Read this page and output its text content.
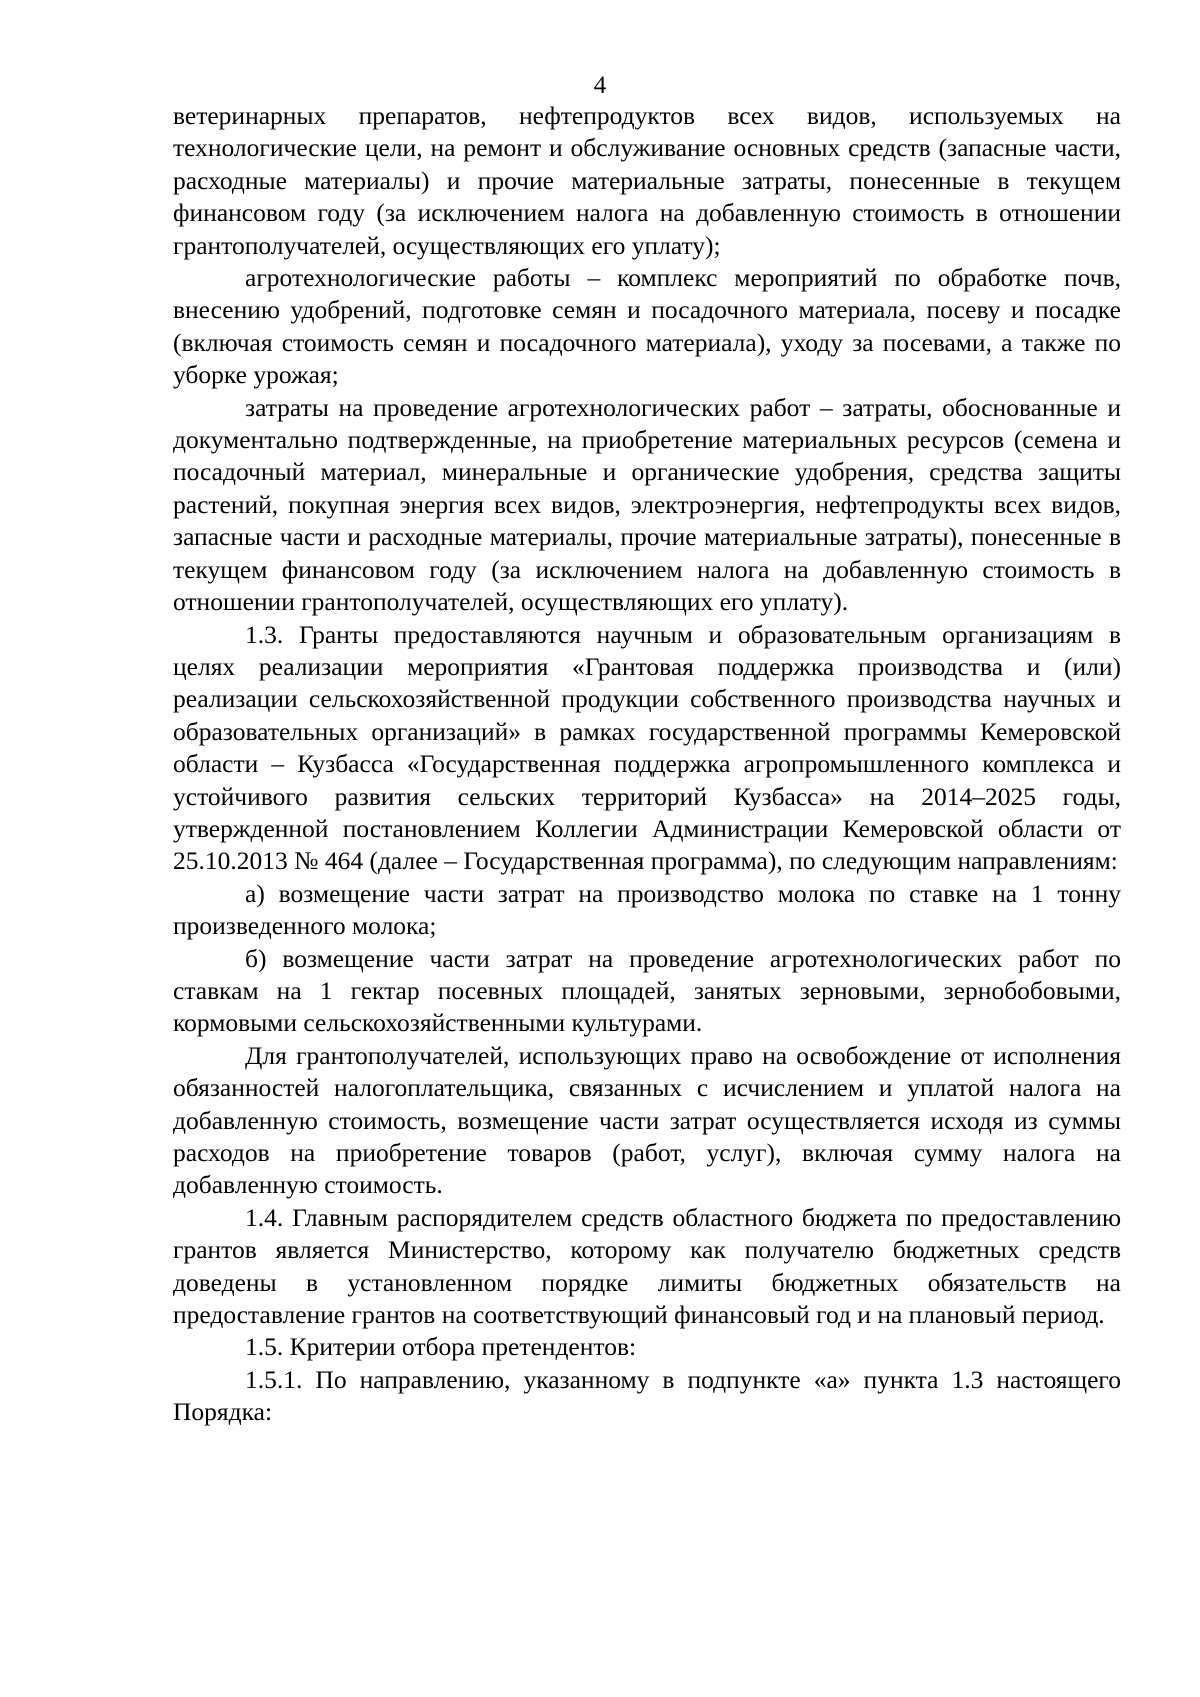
4

ветеринарных препаратов, нефтепродуктов всех видов, используемых на технологические цели, на ремонт и обслуживание основных средств (запасные части, расходные материалы) и прочие материальные затраты, понесенные в текущем финансовом году (за исключением налога на добавленную стоимость в отношении грантополучателей, осуществляющих его уплату);

агротехнологические работы – комплекс мероприятий по обработке почв, внесению удобрений, подготовке семян и посадочного материала, посеву и посадке (включая стоимость семян и посадочного материала), уходу за посевами, а также по уборке урожая;

затраты на проведение агротехнологических работ – затраты, обоснованные и документально подтвержденные, на приобретение материальных ресурсов (семена и посадочный материал, минеральные и органические удобрения, средства защиты растений, покупная энергия всех видов, электроэнергия, нефтепродукты всех видов, запасные части и расходные материалы, прочие материальные затраты), понесенные в текущем финансовом году (за исключением налога на добавленную стоимость в отношении грантополучателей, осуществляющих его уплату).

1.3. Гранты предоставляются научным и образовательным организациям в целях реализации мероприятия «Грантовая поддержка производства и (или) реализации сельскохозяйственной продукции собственного производства научных и образовательных организаций» в рамках государственной программы Кемеровской области – Кузбасса «Государственная поддержка агропромышленного комплекса и устойчивого развития сельских территорий Кузбасса» на 2014–2025 годы, утвержденной постановлением Коллегии Администрации Кемеровской области от 25.10.2013 № 464 (далее – Государственная программа), по следующим направлениям:

а) возмещение части затрат на производство молока по ставке на 1 тонну произведенного молока;

б) возмещение части затрат на проведение агротехнологических работ по ставкам на 1 гектар посевных площадей, занятых зерновыми, зернобобовыми, кормовыми сельскохозяйственными культурами.

Для грантополучателей, использующих право на освобождение от исполнения обязанностей налогоплательщика, связанных с исчислением и уплатой налога на добавленную стоимость, возмещение части затрат осуществляется исходя из суммы расходов на приобретение товаров (работ, услуг), включая сумму налога на добавленную стоимость.

1.4. Главным распорядителем средств областного бюджета по предоставлению грантов является Министерство, которому как получателю бюджетных средств доведены в установленном порядке лимиты бюджетных обязательств на предоставление грантов на соответствующий финансовый год и на плановый период.

1.5. Критерии отбора претендентов:

1.5.1. По направлению, указанному в подпункте «а» пункта 1.3 настоящего Порядка:
